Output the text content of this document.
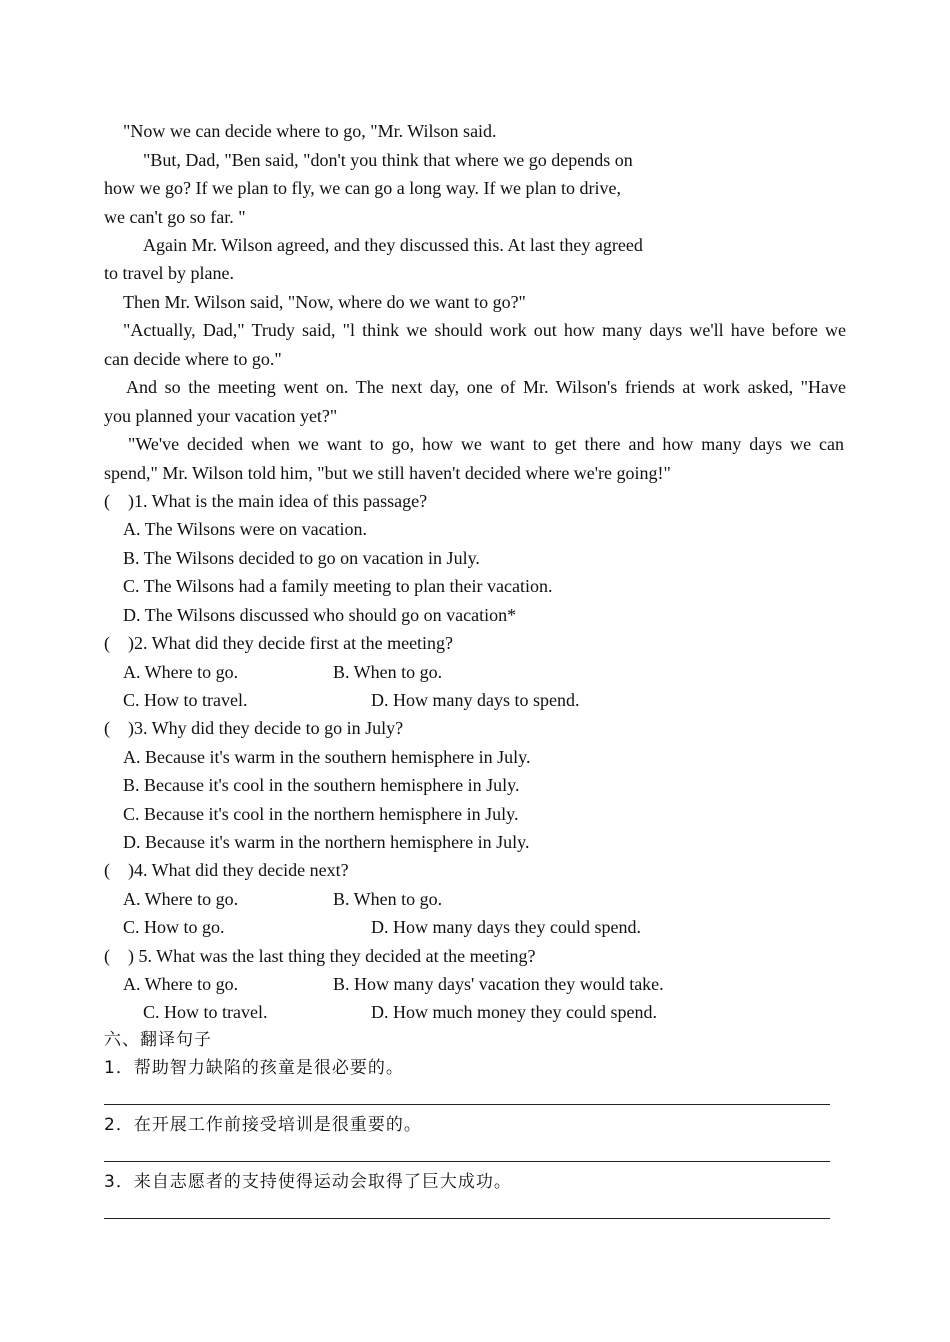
"Now we can decide where to go, "Mr. Wilson said.
"But, Dad, "Ben said, "don't you think that where we go depends on
how we go? If we plan to fly, we can go a long way. If we plan to drive,
we can't go so far. "
Again Mr. Wilson agreed, and they discussed this. At last they agreed
to travel by plane.
Then Mr. Wilson said, "Now, where do we want to go?"
"Actually, Dad," Trudy said, "l think we should work out how many days we'll have before we
can decide where to go."
And so the meeting went on. The next day, one of Mr. Wilson's friends at work asked, "Have
you planned your vacation yet?"
"We've decided when we want to go, how we want to get there and how many days we can
spend," Mr. Wilson told him, "but we still haven't decided where we're going!"
(    )1. What is the main idea of this passage?
A. The Wilsons were on vacation.
B. The Wilsons decided to go on vacation in July.
C. The Wilsons had a family meeting to plan their vacation.
D. The Wilsons discussed who should go on vacation*
(    )2. What did they decide first at the meeting?
A. Where to go.	B. When to go.
C. How to travel.	D. How many days to spend.
(    )3. Why did they decide to go in July?
A. Because it's warm in the southern hemisphere in July.
B. Because it's cool in the southern hemisphere in July.
C. Because it's cool in the northern hemisphere in July.
D. Because it's warm in the northern hemisphere in July.
(    )4. What did they decide next?
A. Where to go.	B. When to go.
C. How to go.	D. How many days they could spend.
(    ) 5. What was the last thing they decided at the meeting?
A. Where to go.	B. How many days' vacation they would take.
C. How to travel.	D. How much money they could spend.
六、翻译句子
1．帮助智力缺陷的孩童是很必要的。
2．在开展工作前接受培训是很重要的。
3．来自志愿者的支持使得运动会取得了巨大成功。
